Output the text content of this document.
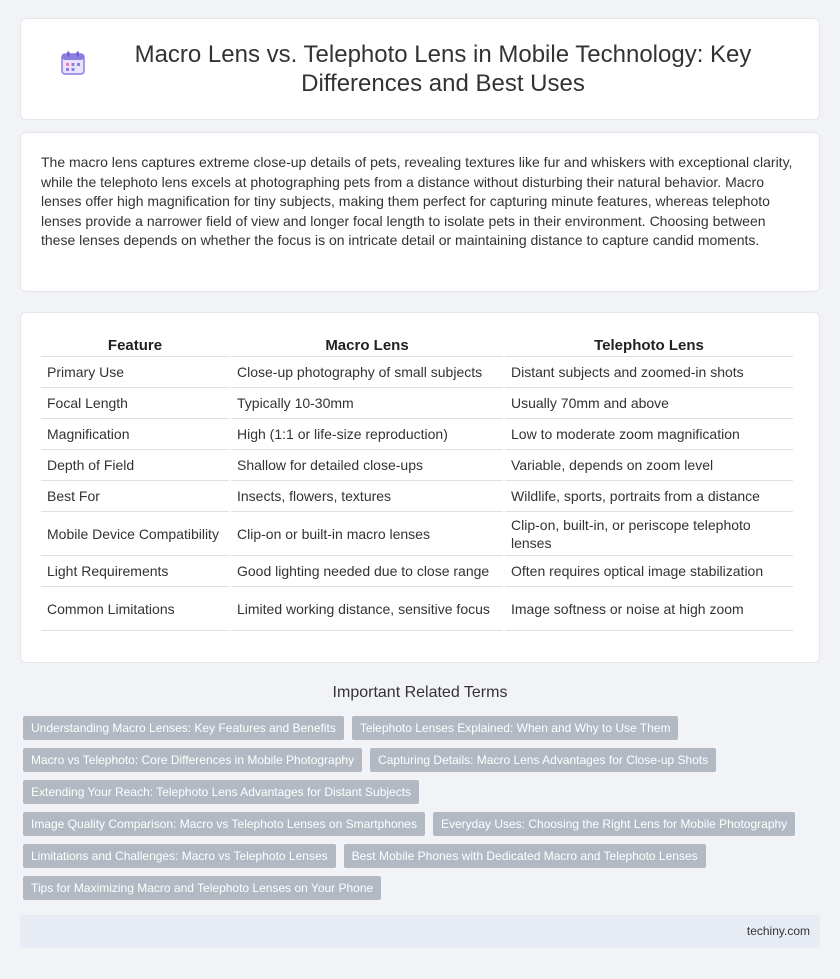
Macro Lens vs. Telephoto Lens in Mobile Technology: Key Differences and Best Uses

The macro lens captures extreme close-up details of pets, revealing textures like fur and whiskers with exceptional clarity, while the telephoto lens excels at photographing pets from a distance without disturbing their natural behavior. Macro lenses offer high magnification for tiny subjects, making them perfect for capturing minute features, whereas telephoto lenses provide a narrower field of view and longer focal length to isolate pets in their environment. Choosing between these lenses depends on whether the focus is on intricate detail or maintaining distance to capture candid moments.

Feature	Macro Lens	Telephoto Lens
Primary Use	Close-up photography of small subjects	Distant subjects and zoomed-in shots
Focal Length	Typically 10-30mm	Usually 70mm and above
Magnification	High (1:1 or life-size reproduction)	Low to moderate zoom magnification
Depth of Field	Shallow for detailed close-ups	Variable, depends on zoom level
Best For	Insects, flowers, textures	Wildlife, sports, portraits from a distance
Mobile Device Compatibility	Clip-on or built-in macro lenses	Clip-on, built-in, or periscope telephoto lenses
Light Requirements	Good lighting needed due to close range	Often requires optical image stabilization
Common Limitations	Limited working distance, sensitive focus	Image softness or noise at high zoom
Important Related Terms
Understanding Macro Lenses: Key Features and Benefits	Telephoto Lenses Explained: When and Why to Use Them
Macro vs Telephoto: Core Differences in Mobile Photography	Capturing Details: Macro Lens Advantages for Close-up Shots
Extending Your Reach: Telephoto Lens Advantages for Distant Subjects
Image Quality Comparison: Macro vs Telephoto Lenses on Smartphones	Everyday Uses: Choosing the Right Lens for Mobile Photography
Limitations and Challenges: Macro vs Telephoto Lenses	Best Mobile Phones with Dedicated Macro and Telephoto Lenses
Tips for Maximizing Macro and Telephoto Lenses on Your Phone
techiny.com
